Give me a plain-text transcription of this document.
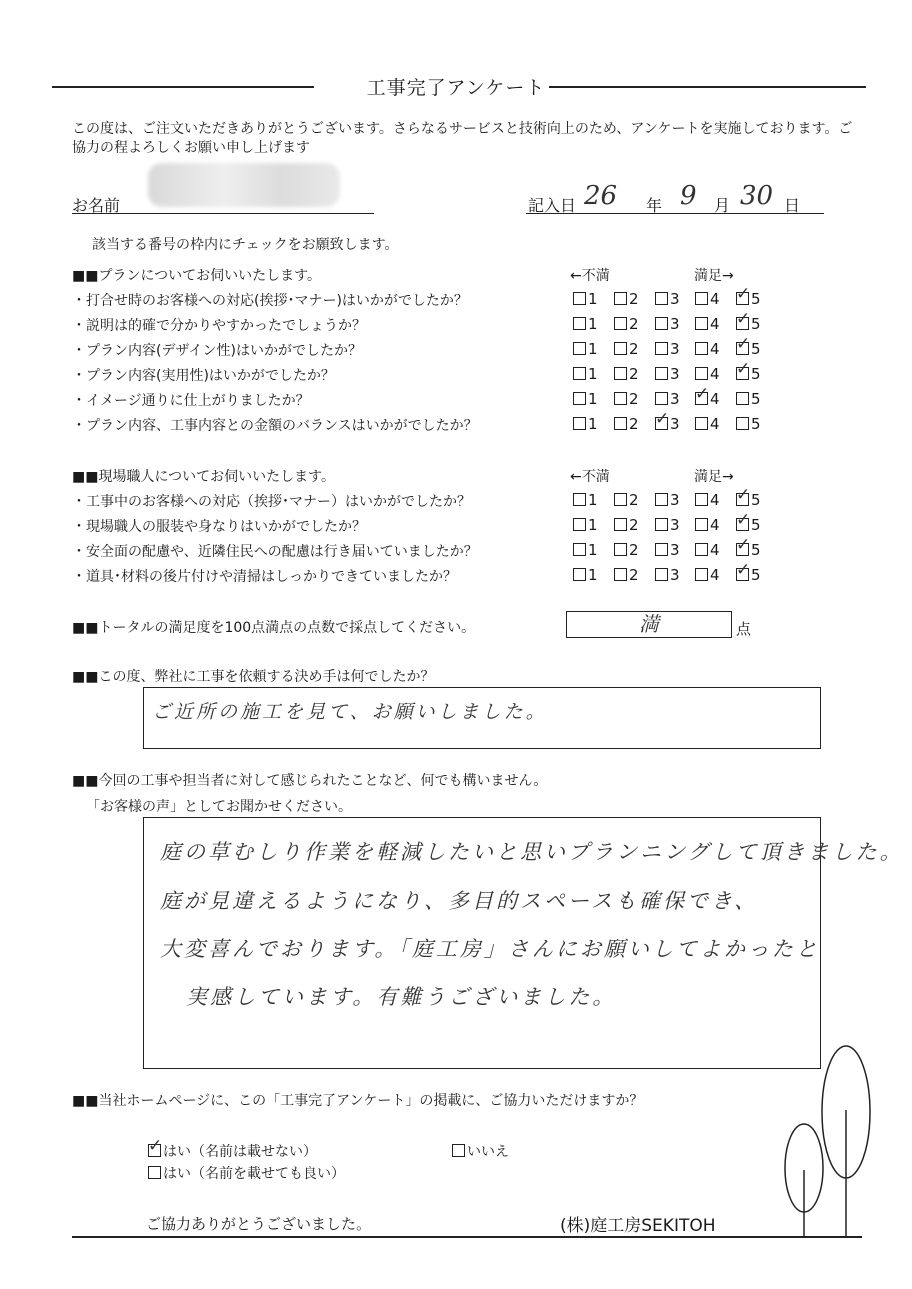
工事完了アンケート
この度は、ご注文いただきありがとうございます。さらなるサービスと技術向上のため、アンケートを実施しております。ご協力の程よろしくお願い申し上げます
お名前	記入日 26 年 9 月 30 日
該当する番号の枠内にチェックをお願致します。
■■プランについてお伺いいたします。	←不満	満足→
・打合せ時のお客様への対応(挨拶･マナー)はいかがでしたか？	1	2	3	4 ✓ 5
・説明は的確で分かりやすかったでしょうか？	1	2	3	4 ✓ 5
・プラン内容(デザイン性)はいかがでしたか？	1	2	3	4 ✓ 5
・プラン内容(実用性)はいかがでしたか？	1	2	3	4 ✓ 5
・イメージ通りに仕上がりましたか？	1	2	3 ✓ 4	5
・プラン内容、工事内容との金額のバランスはいかがでしたか？	1	2 ✓ 3	4	5
■■現場職人についてお伺いいたします。	←不満	満足→
・工事中のお客様への対応（挨拶･マナー）はいかがでしたか？	1	2	3	4 ✓ 5
・現場職人の服装や身なりはいかがでしたか？	1	2	3	4 ✓ 5
・安全面の配慮や、近隣住民への配慮は行き届いていましたか？	1	2	3	4 ✓ 5
・道具･材料の後片付けや清掃はしっかりできていましたか？	1	2	3	4 ✓ 5
■■トータルの満足度を100点満点の点数で採点してください。	満	点
■■この度、弊社に工事を依頼する決め手は何でしたか？
ご近所の施工を見て、お願いしました。
■■今回の工事や担当者に対して感じられたことなど、何でも構いません。
「お客様の声」としてお聞かせください。
庭の草むしり作業を軽減したいと思いプランニングして頂きました。
庭が見違えるようになり、多目的スペースも確保でき、
大変喜んでおります。「庭工房」さんにお願いしてよかったと
実感しています。有難うございました。
■■当社ホームページに、この「工事完了アンケート」の掲載に、ご協力いただけますか？
✓ はい（名前は載せない）	いいえ
はい（名前を載せても良い）
ご協力ありがとうございました。	(株)庭工房SEKITOH
